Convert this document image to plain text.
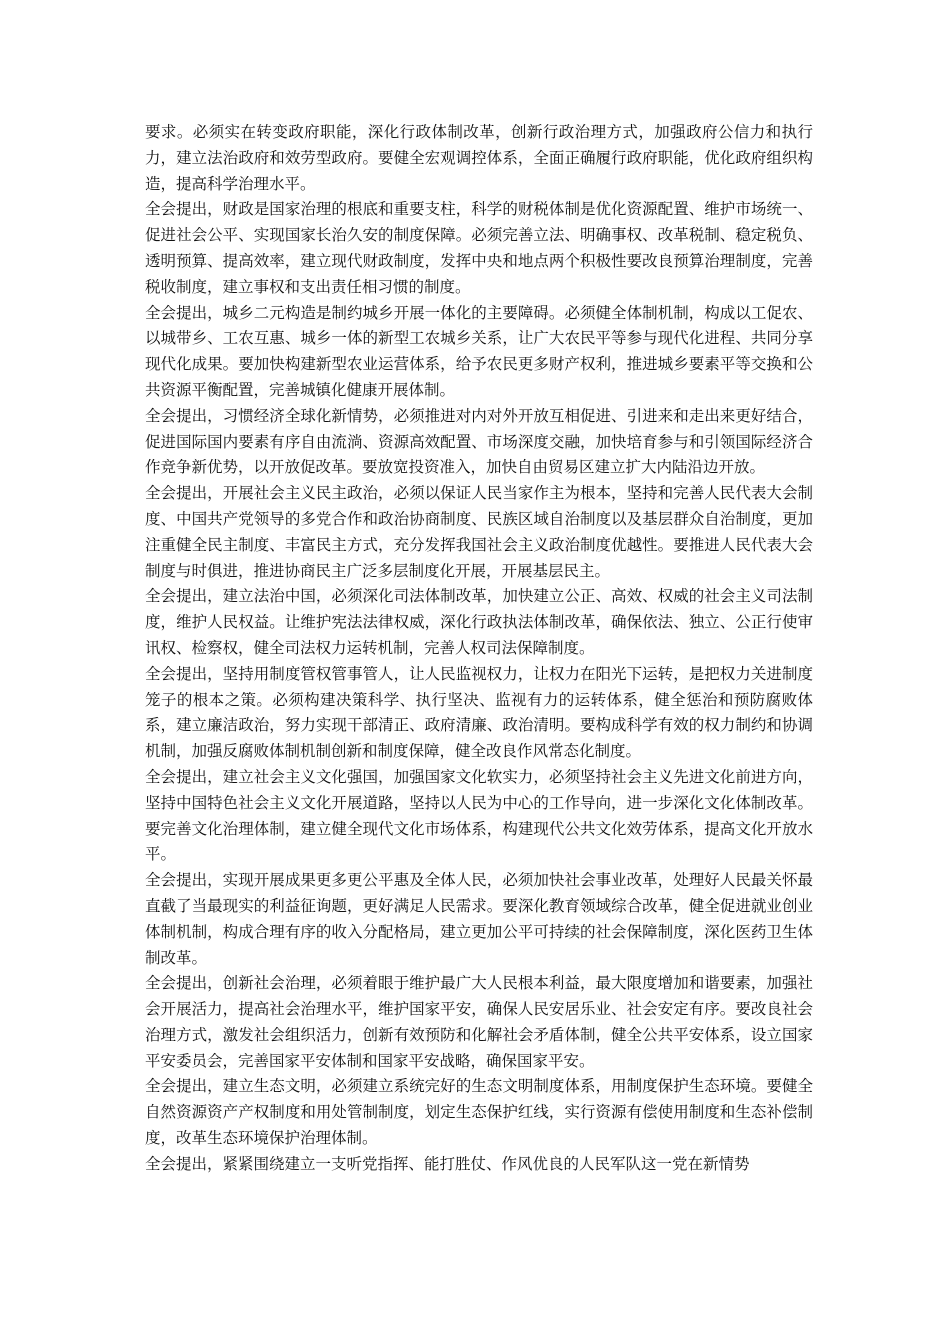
要求。必须实在转变政府职能，深化行政体制改革，创新行政治理方式，加强政府公信力和执行力，建立法治政府和效劳型政府。要健全宏观调控体系，全面正确履行政府职能，优化政府组织构造，提高科学治理水平。

全会提出，财政是国家治理的根底和重要支柱，科学的财税体制是优化资源配置、维护市场统一、促进社会公平、实现国家长治久安的制度保障。必须完善立法、明确事权、改革税制、稳定税负、透明预算、提高效率，建立现代财政制度，发挥中央和地点两个积极性要改良预算治理制度，完善税收制度，建立事权和支出责任相习惯的制度。

全会提出，城乡二元构造是制约城乡开展一体化的主要障碍。必须健全体制机制，构成以工促农、以城带乡、工农互惠、城乡一体的新型工农城乡关系，让广大农民平等参与现代化进程、共同分享现代化成果。要加快构建新型农业运营体系，给予农民更多财产权利，推进城乡要素平等交换和公共资源平衡配置，完善城镇化健康开展体制。

全会提出，习惯经济全球化新情势，必须推进对内对外开放互相促进、引进来和走出来更好结合，促进国际国内要素有序自由流淌、资源高效配置、市场深度交融，加快培育参与和引领国际经济合作竞争新优势，以开放促改革。要放宽投资准入，加快自由贸易区建立扩大内陆沿边开放。

全会提出，开展社会主义民主政治，必须以保证人民当家作主为根本，坚持和完善人民代表大会制度、中国共产党领导的多党合作和政治协商制度、民族区域自治制度以及基层群众自治制度，更加注重健全民主制度、丰富民主方式，充分发挥我国社会主义政治制度优越性。要推进人民代表大会制度与时俱进，推进协商民主广泛多层制度化开展，开展基层民主。

全会提出，建立法治中国，必须深化司法体制改革，加快建立公正、高效、权威的社会主义司法制度，维护人民权益。让维护宪法法律权威，深化行政执法体制改革，确保依法、独立、公正行使审讯权、检察权，健全司法权力运转机制，完善人权司法保障制度。

全会提出，坚持用制度管权管事管人，让人民监视权力，让权力在阳光下运转，是把权力关进制度笼子的根本之策。必须构建决策科学、执行坚决、监视有力的运转体系，健全惩治和预防腐败体系，建立廉洁政治，努力实现干部清正、政府清廉、政治清明。要构成科学有效的权力制约和协调机制，加强反腐败体制机制创新和制度保障，健全改良作风常态化制度。

全会提出，建立社会主义文化强国，加强国家文化软实力，必须坚持社会主义先进文化前进方向，坚持中国特色社会主义文化开展道路，坚持以人民为中心的工作导向，进一步深化文化体制改革。要完善文化治理体制，建立健全现代文化市场体系，构建现代公共文化效劳体系，提高文化开放水平。

全会提出，实现开展成果更多更公平惠及全体人民，必须加快社会事业改革，处理好人民最关怀最直截了当最现实的利益征询题，更好满足人民需求。要深化教育领域综合改革，健全促进就业创业体制机制，构成合理有序的收入分配格局，建立更加公平可持续的社会保障制度，深化医药卫生体制改革。

全会提出，创新社会治理，必须着眼于维护最广大人民根本利益，最大限度增加和谐要素，加强社会开展活力，提高社会治理水平，维护国家平安，确保人民安居乐业、社会安定有序。要改良社会治理方式，激发社会组织活力，创新有效预防和化解社会矛盾体制，健全公共平安体系，设立国家平安委员会，完善国家平安体制和国家平安战略，确保国家平安。

全会提出，建立生态文明，必须建立系统完好的生态文明制度体系，用制度保护生态环境。要健全自然资源资产产权制度和用处管制制度，划定生态保护红线，实行资源有偿使用制度和生态补偿制度，改革生态环境保护治理体制。

全会提出，紧紧围绕建立一支听党指挥、能打胜仗、作风优良的人民军队这一党在新情势
